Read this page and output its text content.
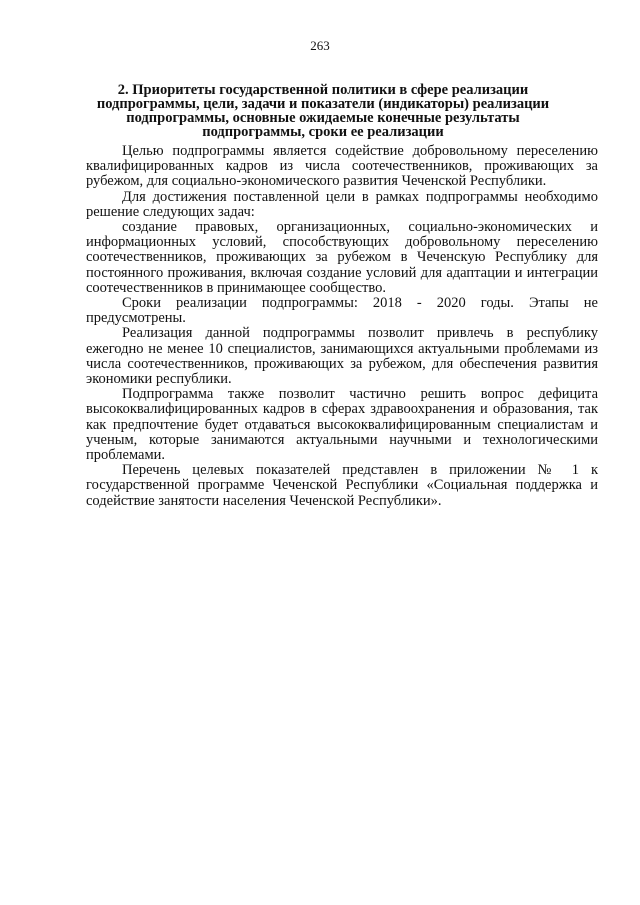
263
2. Приоритеты государственной политики в сфере реализации
подпрограммы, цели, задачи и показатели (индикаторы) реализации
подпрограммы, основные ожидаемые конечные результаты
подпрограммы, сроки ее реализации

Целью подпрограммы является содействие добровольному переселению квалифицированных кадров из числа соотечественников, проживающих за рубежом, для социально-экономического развития Чеченской Республики.

Для достижения поставленной цели в рамках подпрограммы необходимо решение следующих задач:

создание правовых, организационных, социально-экономических и информационных условий, способствующих добровольному переселению соотечественников, проживающих за рубежом в Чеченскую Республику для постоянного проживания, включая создание условий для адаптации и интеграции соотечественников в принимающее сообщество.

Сроки реализации подпрограммы: 2018 - 2020 годы. Этапы не предусмотрены.

Реализация данной подпрограммы позволит привлечь в республику ежегодно не менее 10 специалистов, занимающихся актуальными проблемами из числа соотечественников, проживающих за рубежом, для обеспечения развития экономики республики.

Подпрограмма также позволит частично решить вопрос дефицита высококвалифицированных кадров в сферах здравоохранения и образования, так как предпочтение будет отдаваться высококвалифицированным специалистам и ученым, которые занимаются актуальными научными и технологическими проблемами.

Перечень целевых показателей представлен в приложении № 1 к государственной программе Чеченской Республики «Социальная поддержка и содействие занятости населения Чеченской Республики».
